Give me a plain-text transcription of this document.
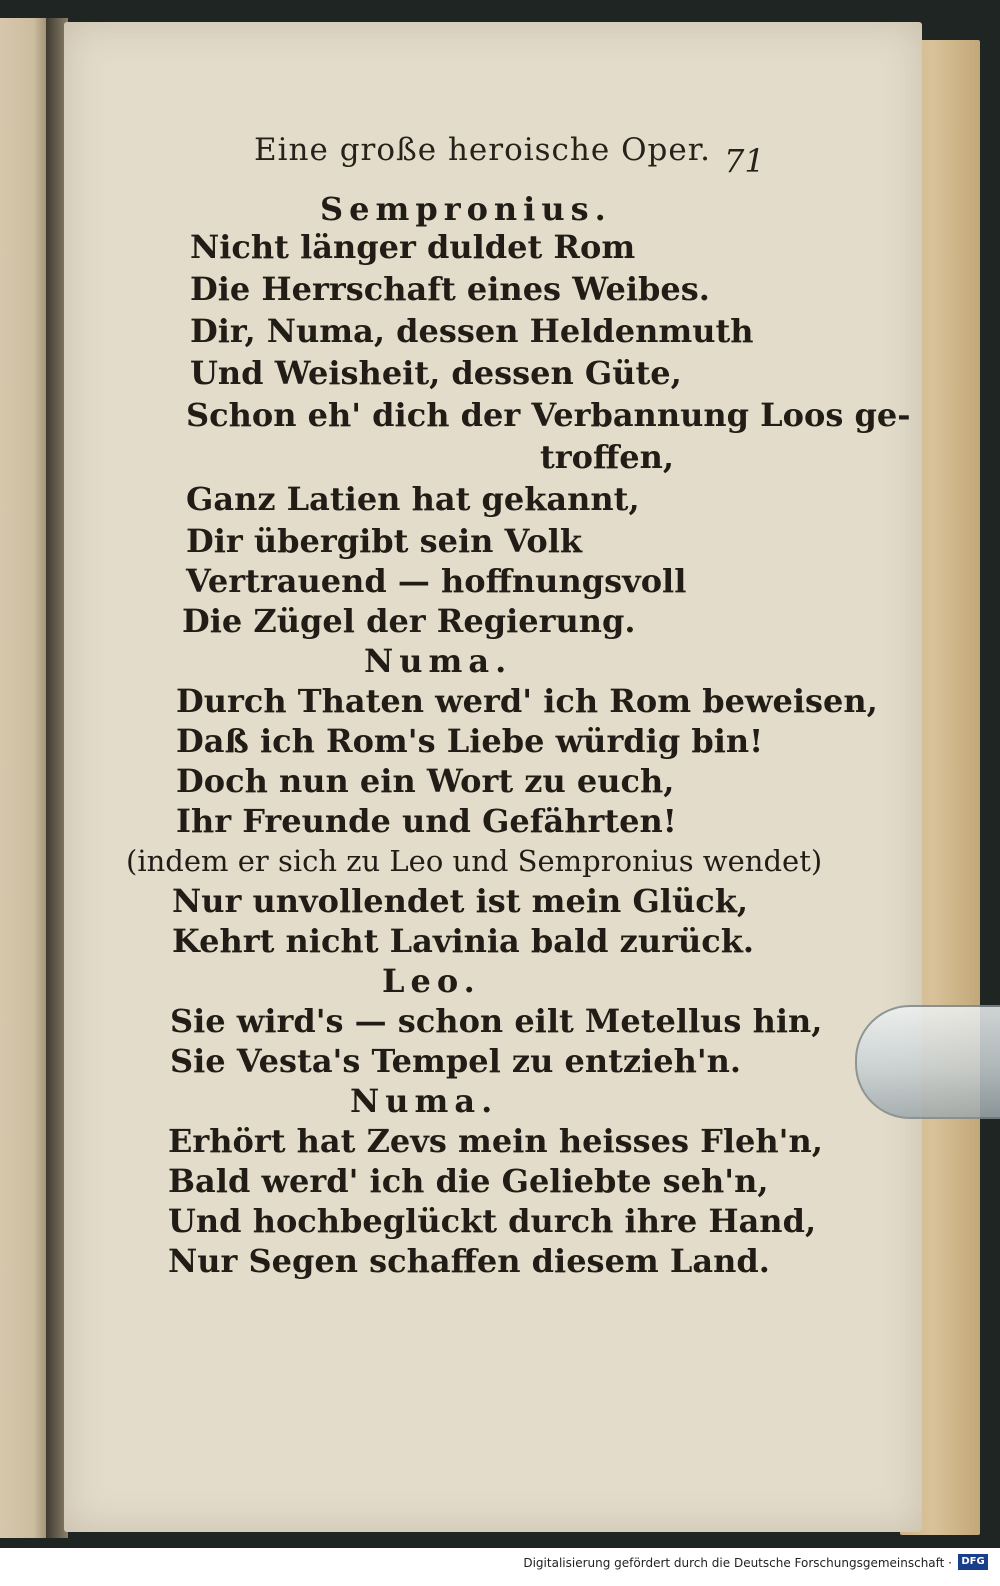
Eine große heroische Oper. 71

Sempronius.

Nicht länger duldet Rom

Die Herrschaft eines Weibes.

Dir, Numa, dessen Heldenmuth

Und Weisheit, dessen Güte,

Schon eh' dich der Verbannung Loos ge-

troffen,

Ganz Latien hat gekannt,

Dir übergibt sein Volk

Vertrauend — hoffnungsvoll

Die Zügel der Regierung.

Numa.

Durch Thaten werd' ich Rom beweisen,

Daß ich Rom's Liebe würdig bin!

Doch nun ein Wort zu euch,

Ihr Freunde und Gefährten!

(indem er sich zu Leo und Sempronius wendet)

Nur unvollendet ist mein Glück,

Kehrt nicht Lavinia bald zurück.

Leo.

Sie wird's — schon eilt Metellus hin,

Sie Vesta's Tempel zu entzieh'n.

Numa.

Erhört hat Zevs mein heisses Fleh'n,

Bald werd' ich die Geliebte seh'n,

Und hochbeglückt durch ihre Hand,

Nur Segen schaffen diesem Land.

Digitalisierung gefördert durch die Deutsche Forschungsgemeinschaft · DFG
